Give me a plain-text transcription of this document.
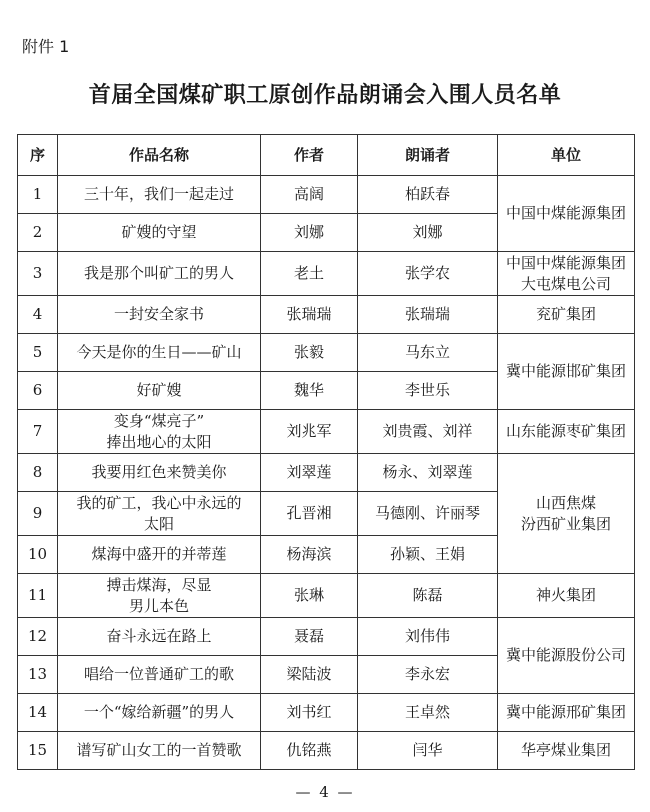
附件 1
首届全国煤矿职工原创作品朗诵会入围人员名单
序	作品名称	作者	朗诵者	单位
1	三十年，我们一起走过	高阔	柏跃春	中国中煤能源集团
2	矿嫂的守望	刘娜	刘娜	
3	我是那个叫矿工的男人	老土	张学农	中国中煤能源集团
大屯煤电公司
4	一封安全家书	张瑞瑞	张瑞瑞	兖矿集团
5	今天是你的生日——矿山	张毅	马东立	冀中能源邯矿集团
6	好矿嫂	魏华	李世乐	
7	变身“煤亮子”
捧出地心的太阳	刘兆军	刘贵霞、刘祥	山东能源枣矿集团
8	我要用红色来赞美你	刘翠莲	杨永、刘翠莲	山西焦煤
汾西矿业集团
9	我的矿工，我心中永远的
太阳	孔晋湘	马德刚、许丽琴	
10	煤海中盛开的并蒂莲	杨海滨	孙颖、王娟	
11	搏击煤海，尽显
男儿本色	张琳	陈磊	神火集团
12	奋斗永远在路上	聂磊	刘伟伟	冀中能源股份公司
13	唱给一位普通矿工的歌	梁陆波	李永宏	
14	一个“嫁给新疆”的男人	刘书红	王卓然	冀中能源邢矿集团
15	谱写矿山女工的一首赞歌	仇铭燕	闫华	华亭煤业集团
— 4 —
